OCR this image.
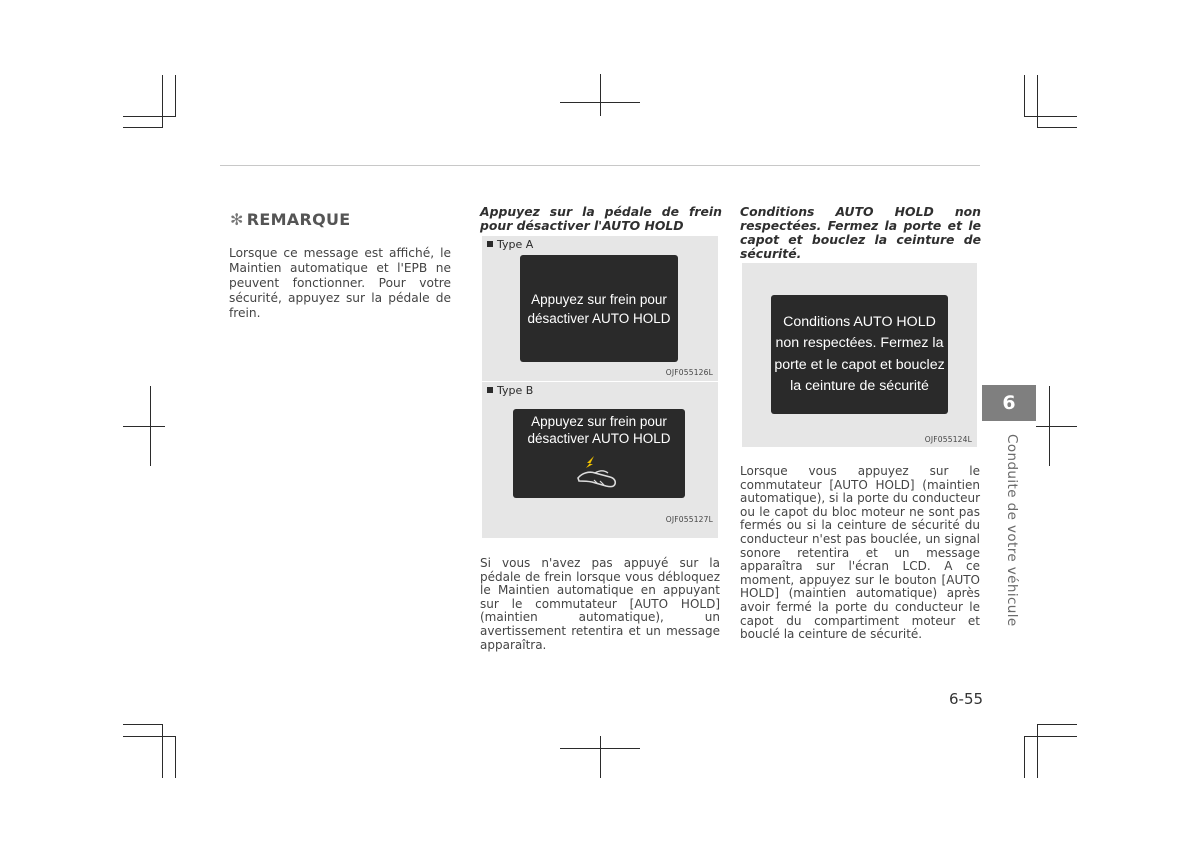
✻ REMARQUE
Lorsque ce message est affiché, le Maintien automatique et l'EPB ne peuvent fonctionner. Pour votre sécurité, appuyez sur la pédale de frein.
Appuyez sur la pédale de frein pour désactiver l'AUTO HOLD
Type A
Appuyez sur frein pour désactiver AUTO HOLD
OJF055126L
Type B
Appuyez sur frein pour désactiver AUTO HOLD
OJF055127L
Si vous n'avez pas appuyé sur la pédale de frein lorsque vous débloquez le Maintien automatique en appuyant sur le commutateur [AUTO HOLD] (maintien automatique), un avertissement retentira et un message apparaîtra.
Conditions AUTO HOLD non respectées. Fermez la porte et le capot et bouclez la ceinture de sécurité.
Conditions AUTO HOLD non respectées. Fermez la porte et le capot et bouclez la ceinture de sécurité
OJF055124L
Lorsque vous appuyez sur le commutateur [AUTO HOLD] (maintien automatique), si la porte du conducteur ou le capot du bloc moteur ne sont pas fermés ou si la ceinture de sécurité du conducteur n'est pas bouclée, un signal sonore retentira et un message apparaîtra sur l'écran LCD. A ce moment, appuyez sur le bouton [AUTO HOLD] (maintien automatique) après avoir fermé la porte du conducteur le capot du compartiment moteur et bouclé la ceinture de sécurité.
6
Conduite de votre véhicule
6-55
